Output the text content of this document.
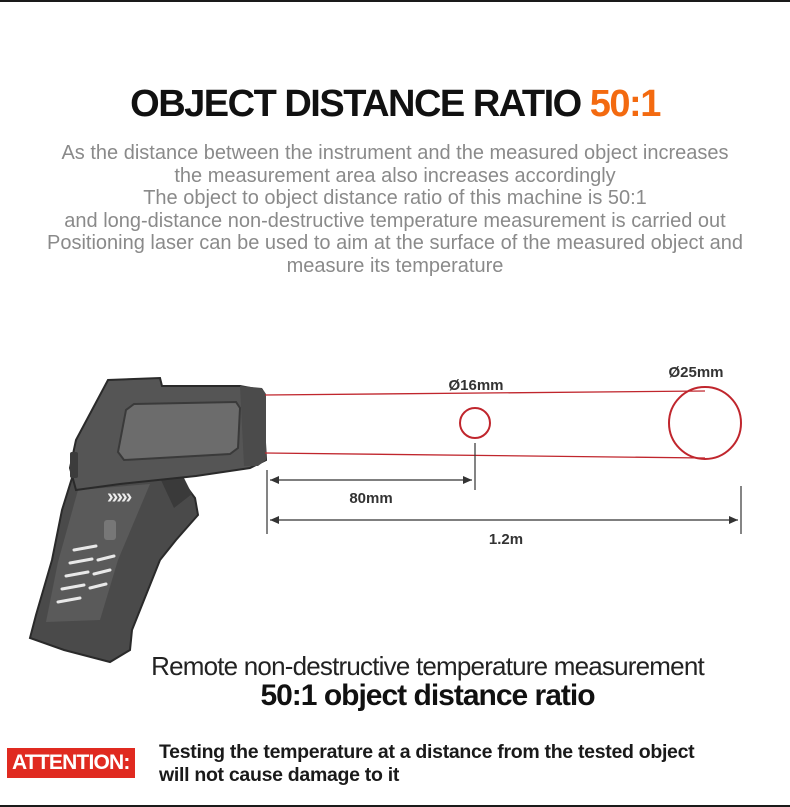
OBJECT DISTANCE RATIO 50:1
As the distance between the instrument and the measured object increases
the measurement area also increases accordingly
The object to object distance ratio of this machine is 50:1
and long-distance non-destructive temperature measurement is carried out
Positioning laser can be used to aim at the surface of the measured object and
measure its temperature
›››››
Ø16mm
Ø25mm
80mm
1.2m
Remote non-destructive temperature measurement
50:1 object distance ratio
ATTENTION: Testing the temperature at a distance from the tested object
will not cause damage to it
